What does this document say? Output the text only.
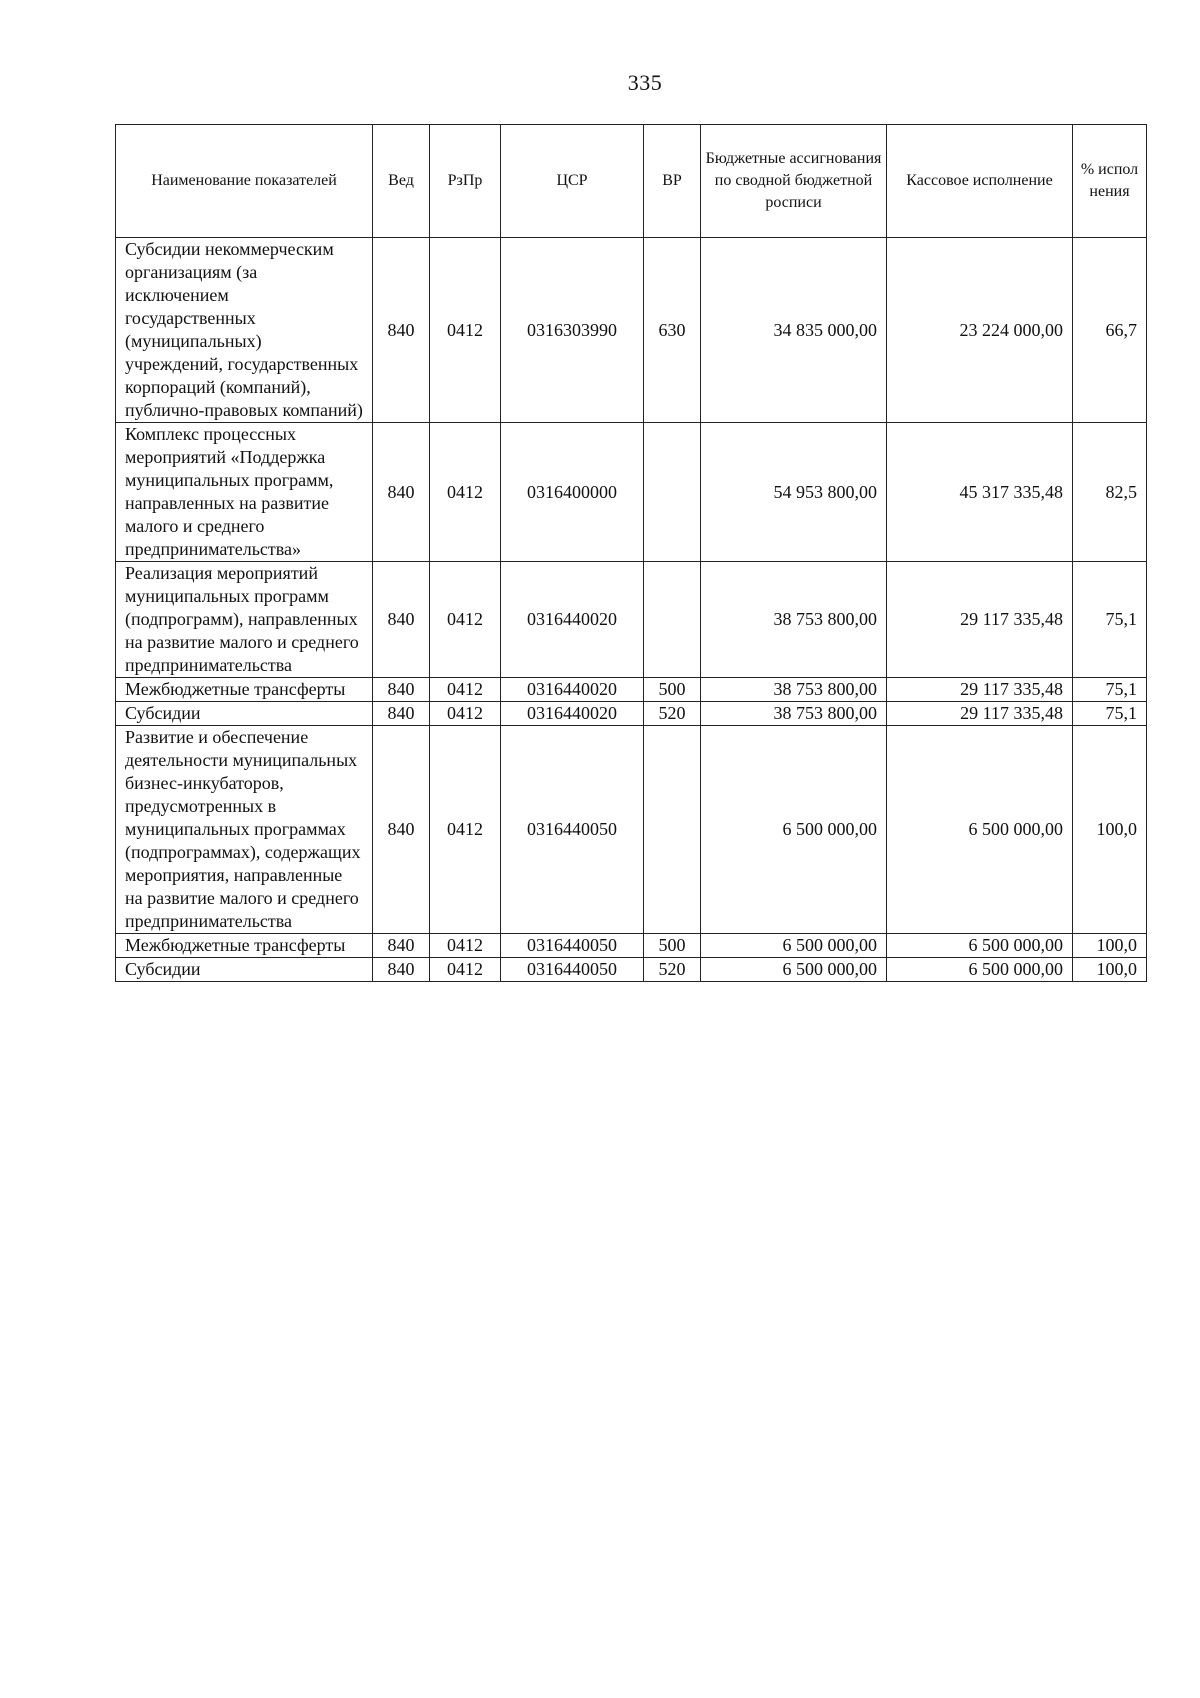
335
Наименование показателей	Вед	РзПр	ЦСР	ВР	Бюджетные ассигнования по сводной бюджетной росписи	Кассовое исполнение	% испол нения
Субсидии некоммерческим организациям (за исключением государственных (муниципальных) учреждений, государственных корпораций (компаний), публично-правовых компаний)	840	0412	0316303990	630	34 835 000,00	23 224 000,00	66,7
Комплекс процессных мероприятий «Поддержка муниципальных программ, направленных на развитие малого и среднего предпринимательства»	840	0412	0316400000		54 953 800,00	45 317 335,48	82,5
Реализация мероприятий муниципальных программ (подпрограмм), направленных на развитие малого и среднего предпринимательства	840	0412	0316440020		38 753 800,00	29 117 335,48	75,1
Межбюджетные трансферты	840	0412	0316440020	500	38 753 800,00	29 117 335,48	75,1
Субсидии	840	0412	0316440020	520	38 753 800,00	29 117 335,48	75,1
Развитие и обеспечение деятельности муниципальных бизнес-инкубаторов, предусмотренных в муниципальных программах (подпрограммах), содержащих мероприятия, направленные на развитие малого и среднего предпринимательства	840	0412	0316440050		6 500 000,00	6 500 000,00	100,0
Межбюджетные трансферты	840	0412	0316440050	500	6 500 000,00	6 500 000,00	100,0
Субсидии	840	0412	0316440050	520	6 500 000,00	6 500 000,00	100,0
